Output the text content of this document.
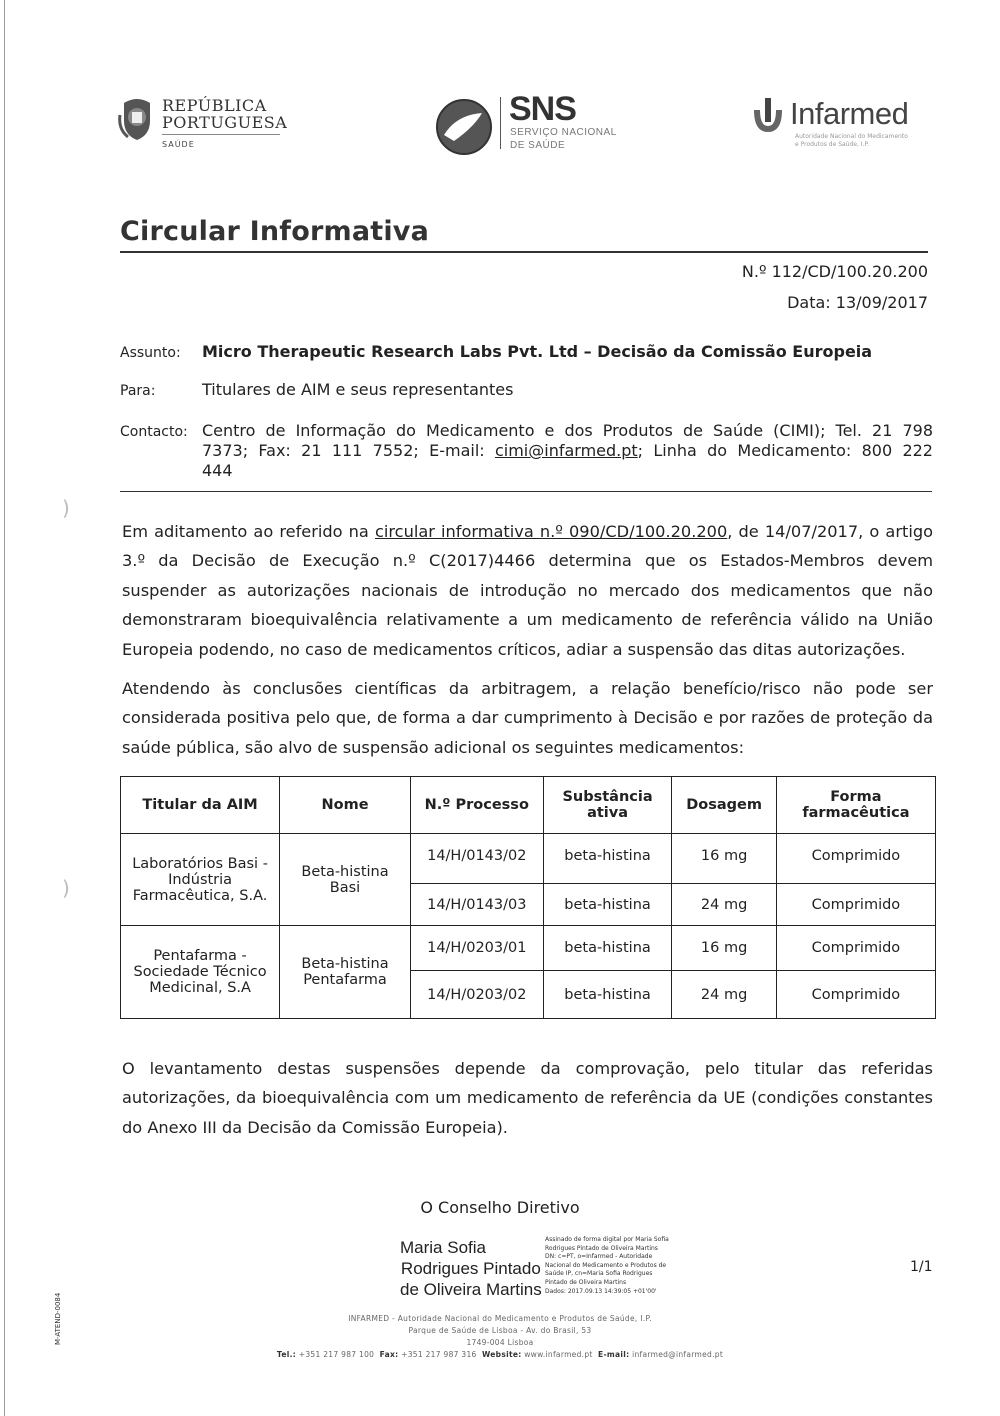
REPÚBLICA
PORTUGUESA
SAÚDE
SNS
SERVIÇO NACIONAL
DE SAÚDE
Infarmed
Autoridade Nacional do Medicamento
e Produtos de Saúde, I.P.
Circular Informativa
N.º 112/CD/100.20.200
Data: 13/09/2017
Assunto: Micro Therapeutic Research Labs Pvt. Ltd – Decisão da Comissão Europeia
Para:	Titulares de AIM e seus representantes
Contacto: Centro de Informação do Medicamento e dos Produtos de Saúde (CIMI); Tel. 21 798
7373; Fax: 21 111 7552; E-mail: cimi@infarmed.pt; Linha do Medicamento: 800 222
444
)
)
Em aditamento ao referido na circular informativa n.º 090/CD/100.20.200, de 14/07/2017, o artigo 3.º da Decisão de Execução n.º C(2017)4466 determina que os Estados-Membros devem suspender as autorizações nacionais de introdução no mercado dos medicamentos que não demonstraram bioequivalência relativamente a um medicamento de referência válido na União Europeia podendo, no caso de medicamentos críticos, adiar a suspensão das ditas autorizações.
Atendendo às conclusões científicas da arbitragem, a relação benefício/risco não pode ser considerada positiva pelo que, de forma a dar cumprimento à Decisão e por razões de proteção da saúde pública, são alvo de suspensão adicional os seguintes medicamentos:
Titular da AIM	Nome	N.º Processo	Substância ativa	Dosagem	Forma farmacêutica
Laboratórios Basi - Indústria Farmacêutica, S.A.	Beta-histina Basi	14/H/0143/02	beta-histina	16 mg	Comprimido
		14/H/0143/03	beta-histina	24 mg	Comprimido
Pentafarma - Sociedade Técnico Medicinal, S.A	Beta-histina Pentafarma	14/H/0203/01	beta-histina	16 mg	Comprimido
		14/H/0203/02	beta-histina	24 mg	Comprimido
O levantamento destas suspensões depende da comprovação, pelo titular das referidas autorizações, da bioequivalência com um medicamento de referência da UE (condições constantes do Anexo III da Decisão da Comissão Europeia).
O Conselho Diretivo
Maria Sofia
Rodrigues Pintado
de Oliveira Martins
Assinado de forma digital por Maria Sofia
Rodrigues Pintado de Oliveira Martins
DN: c=PT, o=Infarmed - Autoridade
Nacional do Medicamento e Produtos de
Saúde IP, cn=Maria Sofia Rodrigues
Pintado de Oliveira Martins
Dados: 2017.09.13 14:39:05 +01'00'
1/1
INFARMED - Autoridade Nacional do Medicamento e Produtos de Saúde, I.P.
Parque de Saúde de Lisboa - Av. do Brasil, 53
1749-004 Lisboa
Tel.: +351 217 987 100 Fax: +351 217 987 316 Website: www.infarmed.pt E-mail: infarmed@infarmed.pt
M-ATEND-0084
